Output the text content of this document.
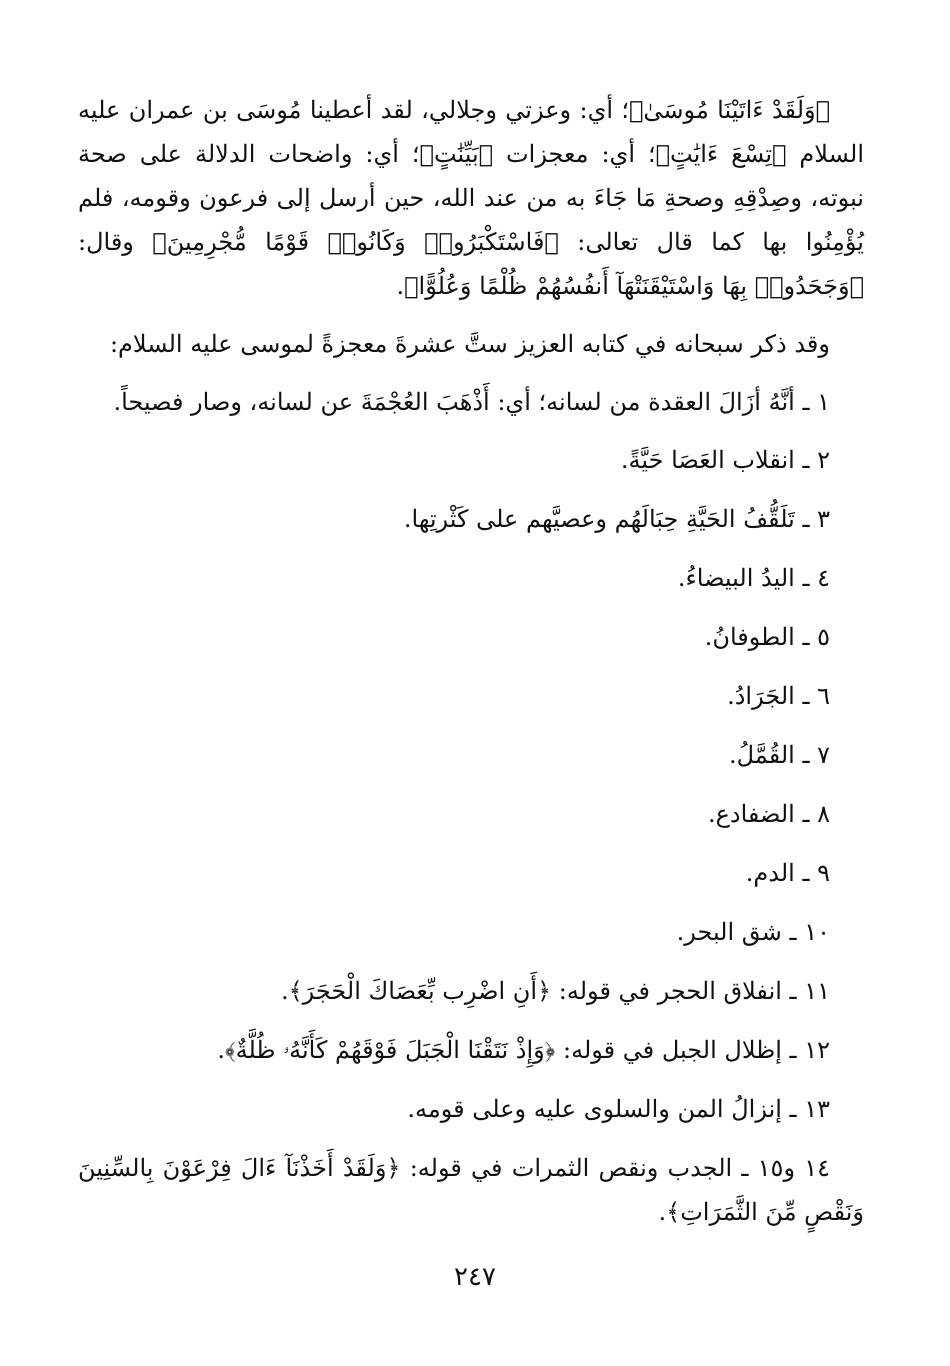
﴿وَلَقَدْ ءَاتَيْنَا مُوسَىٰ﴾؛ أي: وعزتي وجلالي، لقد أعطينا مُوسَى بن عمران عليه السلام ﴿تِسْعَ ءَايَٰتٍ﴾؛ أي: معجزات ﴿بَيِّنَٰتٍ﴾؛ أي: واضحات الدلالة على صحة نبوته، وصِدْقِهِ وصحةِ مَا جَاءَ به من عند الله، حين أرسل إلى فرعون وقومه، فلم يُؤْمِنُوا بها كما قال تعالى: ﴿فَاسْتَكْبَرُوا۟ وَكَانُوا۟ قَوْمًا مُّجْرِمِينَ﴾ وقال: ﴿وَجَحَدُوا۟ بِهَا وَاسْتَيْقَنَتْهَآ أَنفُسُهُمْ ظُلْمًا وَعُلُوًّا﴾.

وقد ذكر سبحانه في كتابه العزيز ستَّ عشرةَ معجزةً لموسى عليه السلام:

١ ـ أنَّهُ أزَالَ العقدة من لسانه؛ أي: أَذْهَبَ العُجْمَةَ عن لسانه، وصار فصيحاً.

٢ ـ انقلاب العَصَا حَيَّةً.

٣ ـ تَلَقُّفُ الحَيَّةِ حِبَالَهُم وعصيَّهم على كَثْرتِها.

٤ ـ اليدُ البيضاءُ.

٥ ـ الطوفانُ.

٦ ـ الجَرَادُ.

٧ ـ القُمَّلُ.

٨ ـ الضفادع.

٩ ـ الدم.

١٠ ـ شق البحر.

١١ ـ انفلاق الحجر في قوله: ﴿أَنِ اضْرِب بِّعَصَاكَ الْحَجَرَ﴾.

١٢ ـ إظلال الجبل في قوله: ﴿وَإِذْ نَتَقْنَا الْجَبَلَ فَوْقَهُمْ كَأَنَّهُۥ ظُلَّةٌ﴾.

١٣ ـ إنزالُ المن والسلوى عليه وعلى قومه.

١٤ و١٥ ـ الجدب ونقص الثمرات في قوله: ﴿وَلَقَدْ أَخَذْنَآ ءَالَ فِرْعَوْنَ بِالسِّنِينَ وَنَقْصٍ مِّنَ الثَّمَرَاتِ﴾.

٢٤٧
